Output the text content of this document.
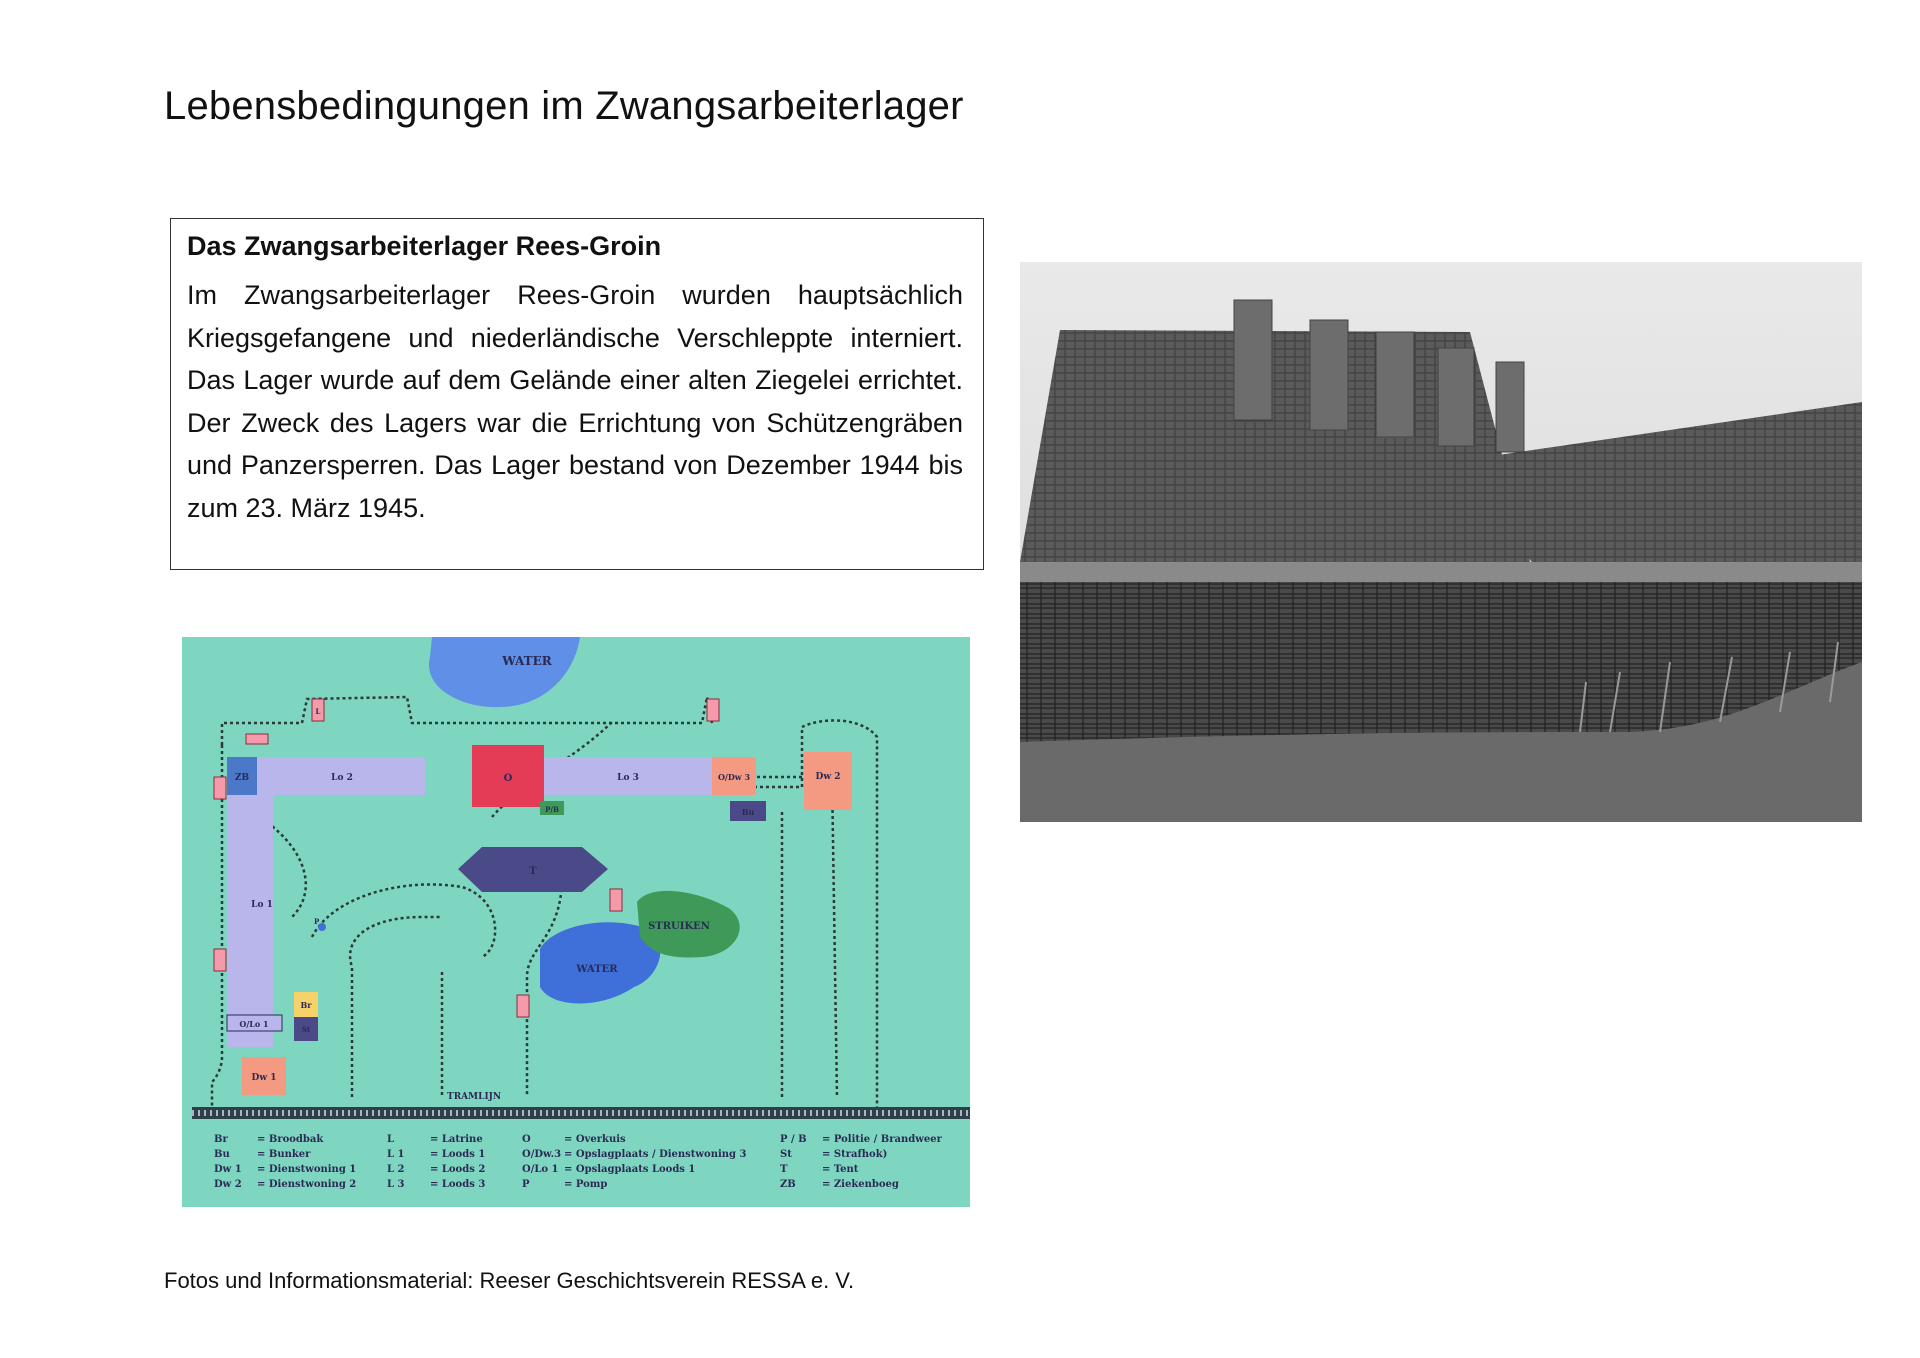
Lebensbedingungen im Zwangsarbeiterlager
Das Zwangsarbeiterlager Rees-Groin

Im Zwangsarbeiterlager Rees-Groin wurden hauptsächlich Kriegsgefangene und niederländische Verschleppte interniert. Das Lager wurde auf dem Gelände einer alten Ziegelei errichtet. Der Zweck des Lagers war die Errichtung von Schützengräben und Panzersperren. Das Lager bestand von Dezember 1944 bis zum 23. März 1945.

WATER
WATER
STRUIKEN
ZB	Lo 2	O	Lo 3	O/Dw 3	Dw 2
Lo 1
O/Lo 1
Br
St
Dw 1
Bu
P/B
T
L
P
TRAMLIJN
Br	= Broodbak
Bu	= Bunker
Dw 1 = Dienstwoning 1
Dw 2 = Dienstwoning 2
L	= Latrine
L 1	= Loods 1
L 2	= Loods 2
L 3	= Loods 3
O	= Overkuis
O/Dw.3 = Opslagplaats / Dienstwoning 3
O/Lo 1 = Opslagplaats Loods 1
P	= Pomp
P / B = Politie / Brandweer
St	= Strafhok)
T	= Tent
ZB	= Ziekenboeg

Fotos und Informationsmaterial: Reeser Geschichtsverein RESSA e. V.
